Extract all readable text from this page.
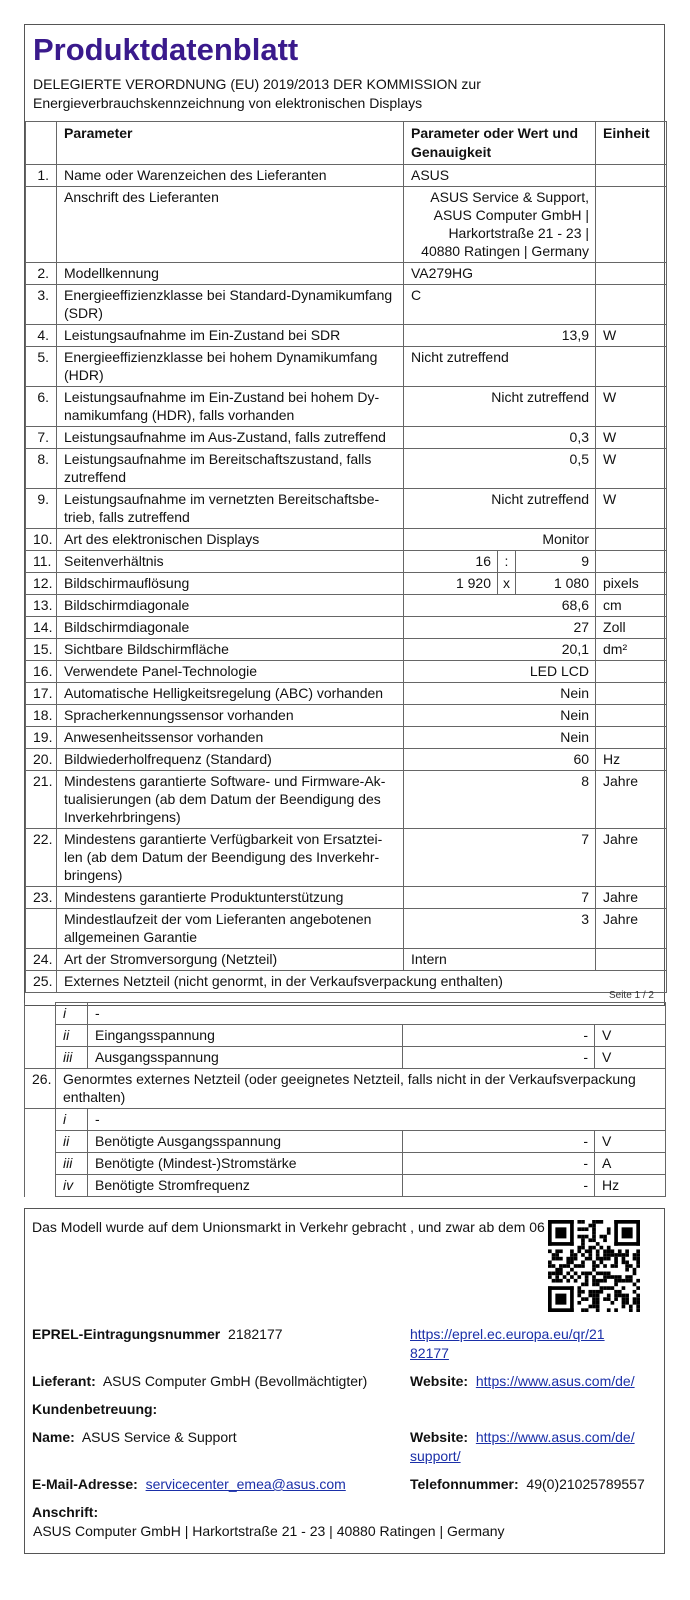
Produktdatenblatt
DELEGIERTE VERORDNUNG (EU) 2019/2013 DER KOMMISSION zur
Energieverbrauchskennzeichnung von elektronischen Displays
	Parameter	Parameter oder Wert und Genauigkeit			Einheit
1.	Name oder Warenzeichen des Lieferanten	ASUS			
	Anschrift des Lieferanten	ASUS Service & Support, ASUS Computer GmbH | Harkortstraße 21 - 23 | 40880 Ratingen | Germany			
2.	Modellkennung	VA279HG			
3.	Energieeffizienzklasse bei Standard-Dynamikumfang (SDR)	C			
4.	Leistungsaufnahme im Ein-Zustand bei SDR	13,9			W
5.	Energieeffizienzklasse bei hohem Dynamikumfang (HDR)	Nicht zutreffend			
6.	Leistungsaufnahme im Ein-Zustand bei hohem Dynamikumfang (HDR), falls vorhanden	Nicht zutreffend			W
7.	Leistungsaufnahme im Aus-Zustand, falls zutreffend	0,3			W
8.	Leistungsaufnahme im Bereitschaftszustand, falls zutreffend	0,5			W
9.	Leistungsaufnahme im vernetzten Bereitschaftsbetrieb, falls zutreffend	Nicht zutreffend			W
10.	Art des elektronischen Displays	Monitor			
11.	Seitenverhältnis	16	:	9	
12.	Bildschirmauflösung	1 920	x	1 080	pixels
13.	Bildschirmdiagonale	68,6			cm
14.	Bildschirmdiagonale	27			Zoll
15.	Sichtbare Bildschirmfläche	20,1			dm²
16.	Verwendete Panel-Technologie	LED LCD			
17.	Automatische Helligkeitsregelung (ABC) vorhanden	Nein			
18.	Spracherkennungssensor vorhanden	Nein			
19.	Anwesenheitssensor vorhanden	Nein			
20.	Bildwiederholfrequenz (Standard)	60			Hz
21.	Mindestens garantierte Software- und Firmware-Aktualisierungen (ab dem Datum der Beendigung des Inverkehrbringens)	8			Jahre
22.	Mindestens garantierte Verfügbarkeit von Ersatzteilen (ab dem Datum der Beendigung des Inverkehrbringens)	7			Jahre
23.	Mindestens garantierte Produktunterstützung	7			Jahre
	Mindestlaufzeit der vom Lieferanten angebotenen allgemeinen Garantie	3			Jahre
24.	Art der Stromversorgung (Netzteil)	Intern			
25.	Externes Netzteil (nicht genormt, in der Verkaufsverpackung enthalten)				
Seite 1 / 2
	i	-		
	ii	Eingangsspannung	-	V
	iii	Ausgangsspannung	-	V
26.	Genormtes externes Netzteil (oder geeignetes Netzteil, falls nicht in der Verkaufsverpackung enthalten)			
	i	-		
	ii	Benötigte Ausgangsspannung	-	V
	iii	Benötigte (Mindest-)Stromstärke	-	A
	iv	Benötigte Stromfrequenz	-	Hz
Das Modell wurde auf dem Unionsmarkt in Verkehr gebracht , und zwar ab dem 06
EPREL-Eintragungsnummer 2182177	https://eprel.ec.europa.eu/qr/21
82177
Lieferant: ASUS Computer GmbH (Bevollmächtigter)	Website: https://www.asus.com/de/
Kundenbetreuung:
Name: ASUS Service & Support	Website: https://www.asus.com/de/
support/
E-Mail-Adresse: servicecenter_emea@asus.com	Telefonnummer: 49(0)21025789557
Anschrift:
ASUS Computer GmbH | Harkortstraße 21 - 23 | 40880 Ratingen | Germany
